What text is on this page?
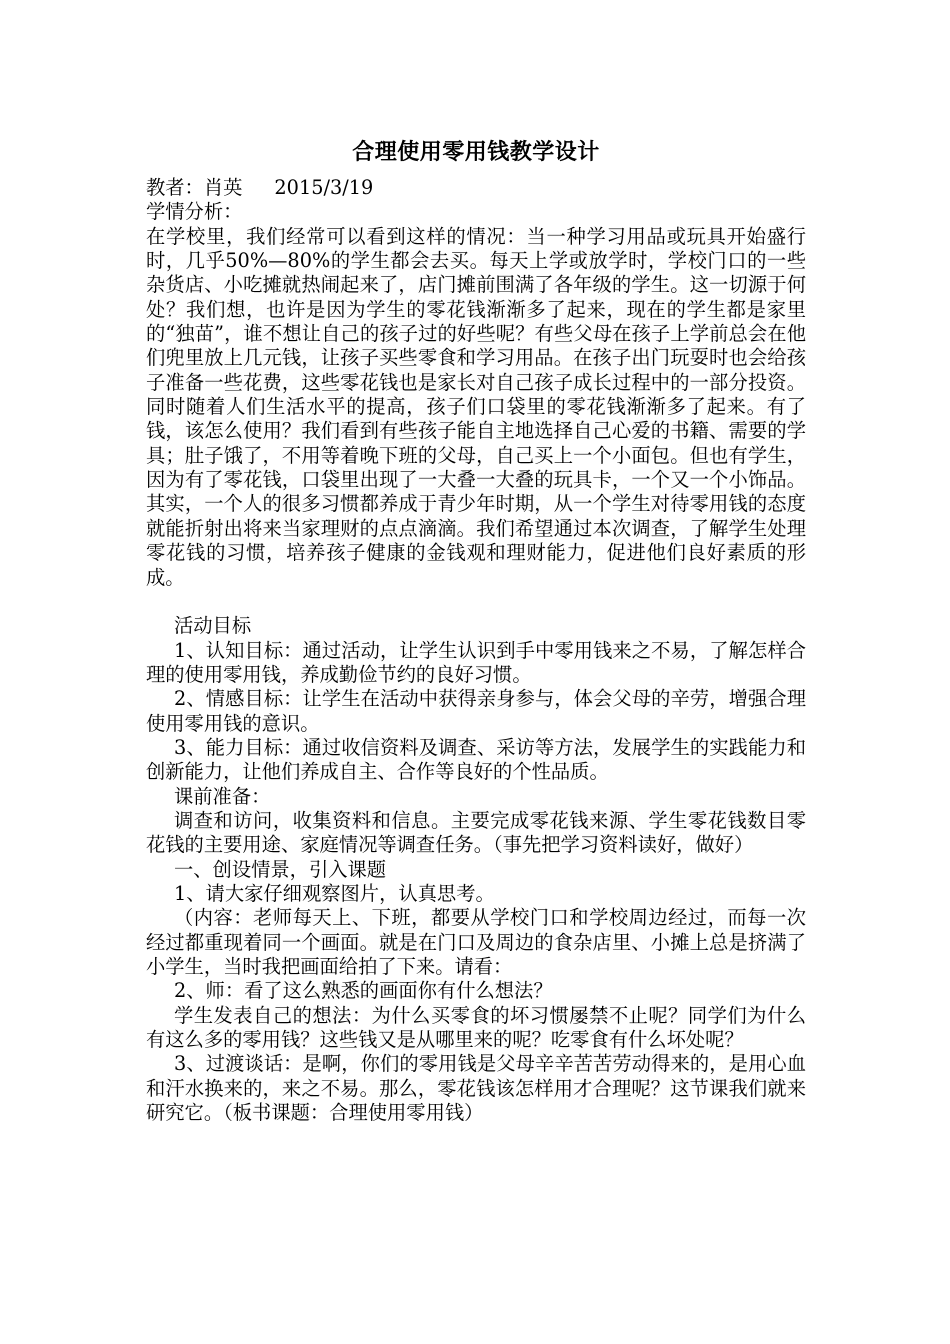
合理使用零用钱教学设计
教者：肖英 2015/3/19
学情分析：

在学校里，我们经常可以看到这样的情况：当一种学习用品或玩具开始盛行时，几乎50%—80%的学生都会去买。每天上学或放学时，学校门口的一些杂货店、小吃摊就热闹起来了，店门摊前围满了各年级的学生。这一切源于何处？我们想，也许是因为学生的零花钱渐渐多了起来，现在的学生都是家里的“独苗”，谁不想让自己的孩子过的好些呢？有些父母在孩子上学前总会在他们兜里放上几元钱，让孩子买些零食和学习用品。在孩子出门玩耍时也会给孩子准备一些花费，这些零花钱也是家长对自己孩子成长过程中的一部分投资。同时随着人们生活水平的提高，孩子们口袋里的零花钱渐渐多了起来。有了钱，该怎么使用？我们看到有些孩子能自主地选择自己心爱的书籍、需要的学具；肚子饿了，不用等着晚下班的父母，自己买上一个小面包。但也有学生，因为有了零花钱，口袋里出现了一大叠一大叠的玩具卡，一个又一个小饰品。其实，一个人的很多习惯都养成于青少年时期，从一个学生对待零用钱的态度就能折射出将来当家理财的点点滴滴。我们希望通过本次调查，了解学生处理零花钱的习惯，培养孩子健康的金钱观和理财能力，促进他们良好素质的形成。

活动目标

1、认知目标：通过活动，让学生认识到手中零用钱来之不易，了解怎样合理的使用零用钱，养成勤俭节约的良好习惯。

2、情感目标：让学生在活动中获得亲身参与，体会父母的辛劳，增强合理使用零用钱的意识。

3、能力目标：通过收信资料及调查、采访等方法，发展学生的实践能力和创新能力，让他们养成自主、合作等良好的个性品质。

课前准备：

调查和访问，收集资料和信息。主要完成零花钱来源、学生零花钱数目零花钱的主要用途、家庭情况等调查任务。（事先把学习资料读好，做好）

一、创设情景，引入课题

1、请大家仔细观察图片，认真思考。

（内容：老师每天上、下班，都要从学校门口和学校周边经过，而每一次经过都重现着同一个画面。就是在门口及周边的食杂店里、小摊上总是挤满了小学生，当时我把画面给拍了下来。请看：

2、师：看了这么熟悉的画面你有什么想法？

学生发表自己的想法：为什么买零食的坏习惯屡禁不止呢？同学们为什么有这么多的零用钱？这些钱又是从哪里来的呢？吃零食有什么坏处呢？

3、过渡谈话：是啊，你们的零用钱是父母辛辛苦苦劳动得来的，是用心血和汗水换来的，来之不易。那么，零花钱该怎样用才合理呢？这节课我们就来研究它。（板书课题：合理使用零用钱）
